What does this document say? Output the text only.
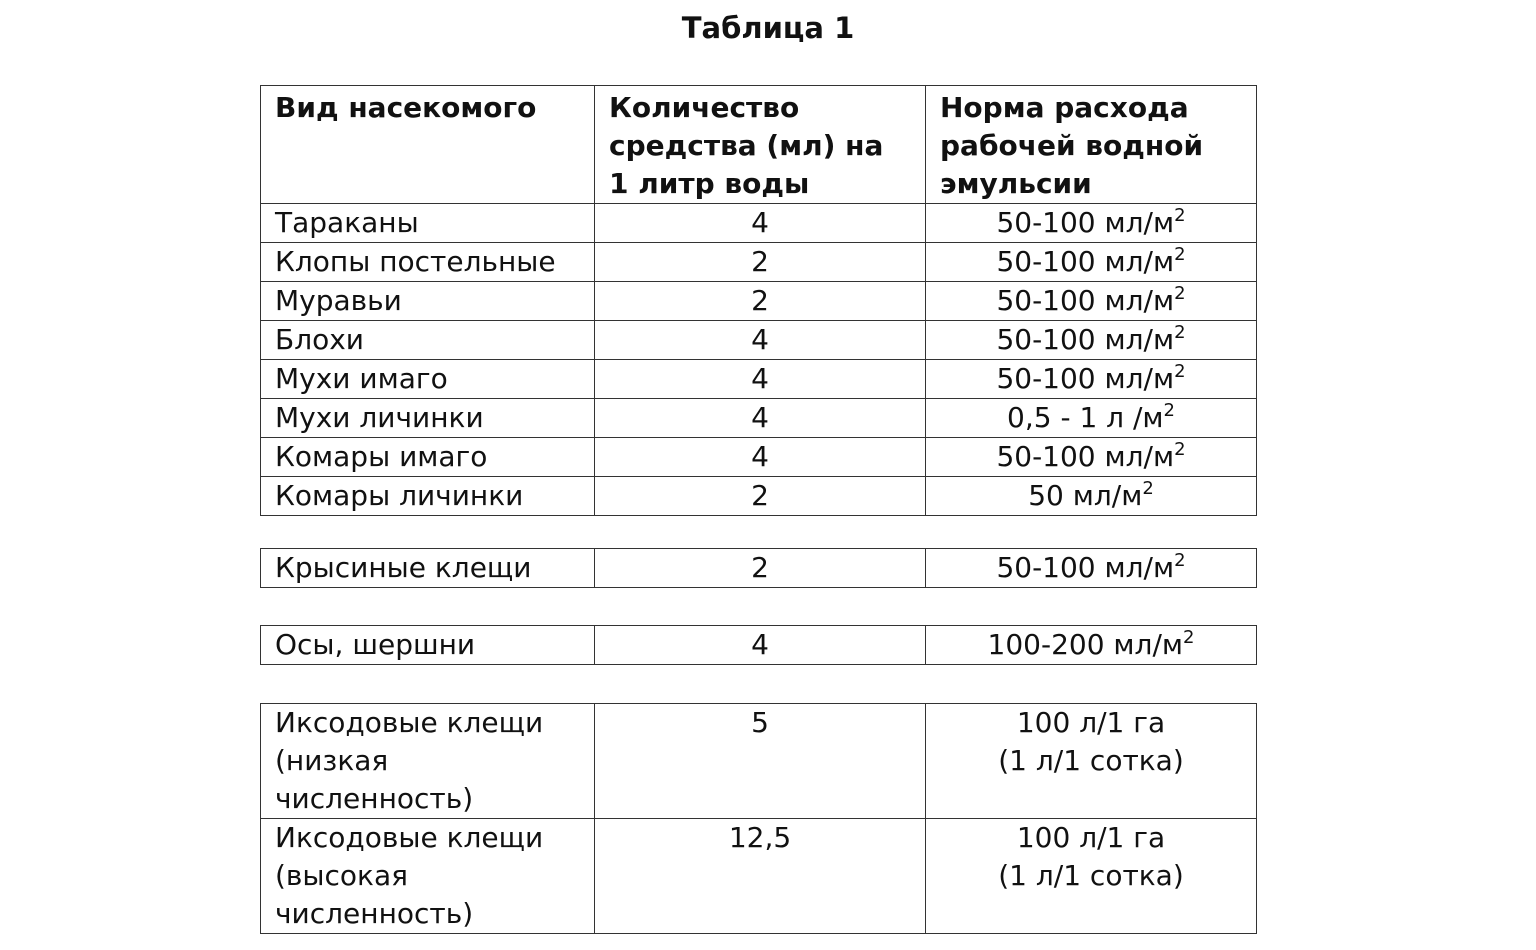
Таблица 1
Вид насекомого	Количество средства (мл) на 1 литр воды	Норма расхода рабочей водной эмульсии
Тараканы	4	50-100 $мл/м^2$
Клопы постельные	2	50-100 $мл/м^2$
Муравьи	2	50-100 $мл/м^2$
Блохи	4	50-100 $мл/м^2$
Мухи имаго	4	50-100 $мл/м^2$
Мухи личинки	4	0,5 - 1 л $/м^2$
Комары имаго	4	50-100 $мл/м^2$
Комары личинки	2	50 $мл/м^2$
Крысиные клещи	2	50-100 $мл/м^2$
Осы, шершни	4	100-200 $мл/м^2$
Иксодовые клещи (низкая численность)	5	100 л/1 га
(1 л/1 сотка)

Иксодовые клещи (высокая численность)	12,5	100 л/1 га
(1 л/1 сотка)
